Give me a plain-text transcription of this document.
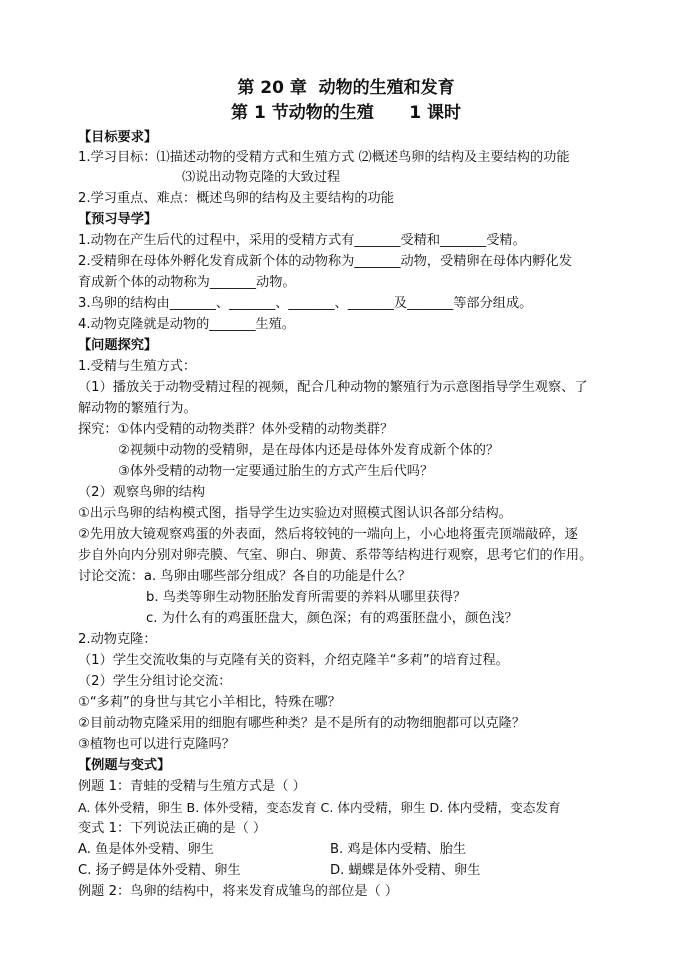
第 20 章  动物的生殖和发育
第 1 节动物的生殖      1 课时
【目标要求】
1.学习目标：⑴描述动物的受精方式和生殖方式 ⑵概述鸟卵的结构及主要结构的功能
⑶说出动物克隆的大致过程
2.学习重点、难点：概述鸟卵的结构及主要结构的功能
【预习导学】
1.动物在产生后代的过程中，采用的受精方式有_______受精和_______受精。
2.受精卵在母体外孵化发育成新个体的动物称为_______动物，受精卵在母体内孵化发
育成新个体的动物称为_______动物。
3.鸟卵的结构由_______、_______、_______、_______及_______等部分组成。
4.动物克隆就是动物的_______生殖。
【问题探究】
1.受精与生殖方式：
（1）播放关于动物受精过程的视频，配合几种动物的繁殖行为示意图指导学生观察、了
解动物的繁殖行为。
探究：①体内受精的动物类群？体外受精的动物类群？
②视频中动物的受精卵，是在母体内还是母体外发育成新个体的？
③体外受精的动物一定要通过胎生的方式产生后代吗？
（2）观察鸟卵的结构
①出示鸟卵的结构模式图，指导学生边实验边对照模式图认识各部分结构。
②先用放大镜观察鸡蛋的外表面，然后将较钝的一端向上，小心地将蛋壳顶端敲碎，逐
步自外向内分别对卵壳膜、气室、卵白、卵黄、系带等结构进行观察，思考它们的作用。
讨论交流：a. 鸟卵由哪些部分组成？各自的功能是什么？
b. 鸟类等卵生动物胚胎发育所需要的养料从哪里获得？
c. 为什么有的鸡蛋胚盘大，颜色深；有的鸡蛋胚盘小，颜色浅？
2.动物克隆：
（1）学生交流收集的与克隆有关的资料，介绍克隆羊“多莉”的培育过程。
（2）学生分组讨论交流：
①“多莉”的身世与其它小羊相比，特殊在哪？
②目前动物克隆采用的细胞有哪些种类？是不是所有的动物细胞都可以克隆？
③植物也可以进行克隆吗？
【例题与变式】
例题 1：青蛙的受精与生殖方式是（ ）
A. 体外受精，卵生 B. 体外受精，变态发育 C. 体内受精，卵生 D. 体内受精，变态发育
变式 1：下列说法正确的是（ ）
A. 鱼是体外受精、卵生	B. 鸡是体内受精、胎生
C. 扬子鳄是体外受精、卵生	D. 蝴蝶是体外受精、卵生
例题 2：鸟卵的结构中，将来发育成雏鸟的部位是（ ）
